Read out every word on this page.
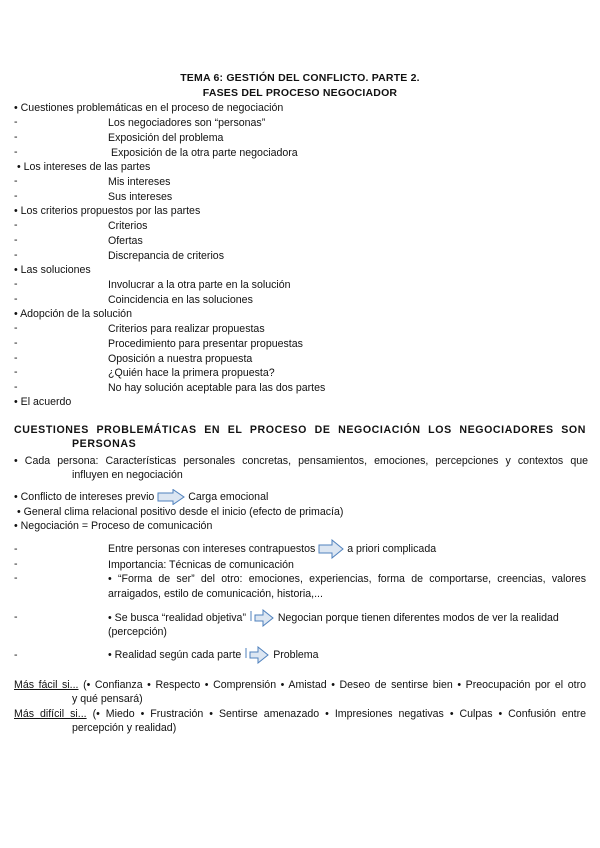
TEMA 6: GESTIÓN DEL CONFLICTO. PARTE 2.
FASES DEL PROCESO NEGOCIADOR
• Cuestiones problemáticas en el proceso de negociación
-	Los negociadores son “personas”
-	Exposición del problema
-	Exposición de la otra parte negociadora
• Los intereses de las partes
-	Mis intereses
-	Sus intereses
• Los criterios propuestos por las partes
-	Criterios
-	Ofertas
-	Discrepancia de criterios
• Las soluciones
-	Involucrar a la otra parte en la solución
-	Coincidencia en las soluciones
• Adopción de la solución
-	Criterios para realizar propuestas
-	Procedimiento para presentar propuestas
-	Oposición a nuestra propuesta
-	¿Quién hace la primera propuesta?
-	No hay solución aceptable para las dos partes
• El acuerdo
CUESTIONES PROBLEMÁTICAS EN EL PROCESO DE NEGOCIACIÓN LOS NEGOCIADORES SON
PERSONAS
• Cada persona: Características personales concretas, pensamientos, emociones, percepciones y contextos que
influyen en negociación
• Conflicto de intereses previo	Carga emocional
• General clima relacional positivo desde el inicio (efecto de primacía)
• Negociación = Proceso de comunicación
-	Entre personas con intereses contrapuestos	a priori complicada
-	Importancia: Técnicas de comunicación
-	• “Forma de ser” del otro: emociones, experiencias, forma de comportarse, creencias, valores
arraigados, estilo de comunicación, historia,...
-	• Se busca “realidad objetiva”	Negocian porque tienen diferentes modos de ver la realidad
(percepción)
-	• Realidad según cada parte	Problema
Más fácil si... (• Confianza • Respecto • Comprensión • Amistad • Deseo de sentirse bien • Preocupación por el otro
y qué pensará)
Más difícil si... (• Miedo • Frustración • Sentirse amenazado • Impresiones negativas • Culpas • Confusión entre
percepción y realidad)
